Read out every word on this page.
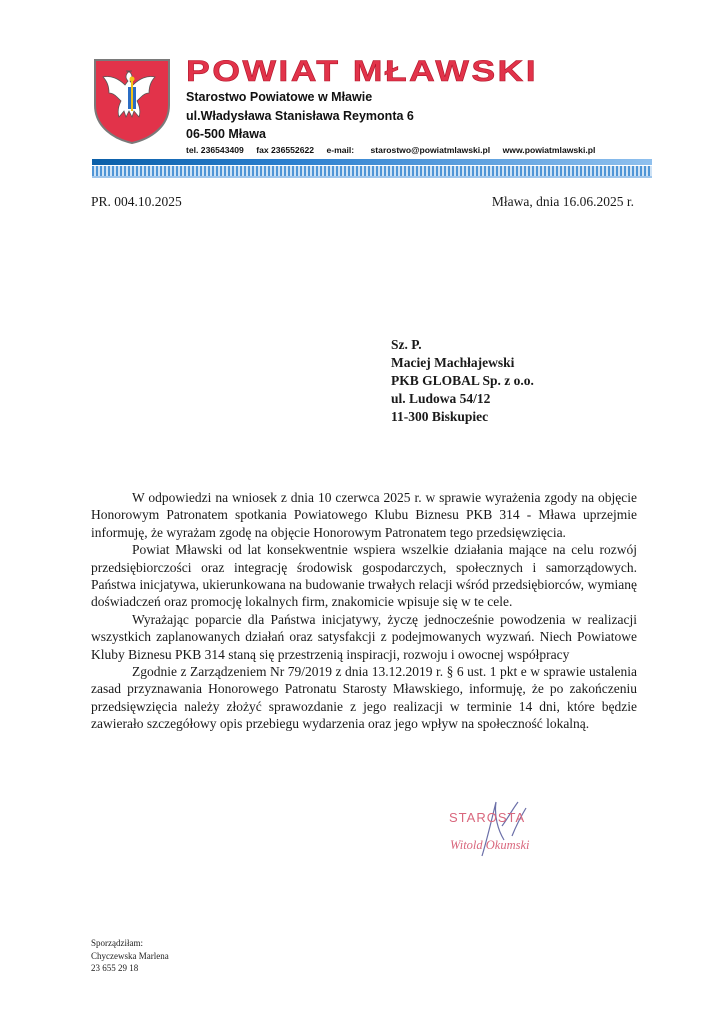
POWIAT MŁAWSKI
Starostwo Powiatowe w Mławie
ul.Władysława Stanisława Reymonta 6
06-500 Mława
tel. 236543409 fax 236552622 e-mail: starostwo@powiatmlawski.pl www.powiatmlawski.pl
PR. 004.10.2025	Mława, dnia 16.06.2025 r.
Sz. P.
Maciej Machłajewski
PKB GLOBAL Sp. z o.o.
ul. Ludowa 54/12
11-300 Biskupiec

W odpowiedzi na wniosek z dnia 10 czerwca 2025 r. w sprawie wyrażenia zgody na objęcie Honorowym Patronatem spotkania Powiatowego Klubu Biznesu PKB 314 - Mława uprzejmie informuję, że wyrażam zgodę na objęcie Honorowym Patronatem tego przedsięwzięcia.

Powiat Mławski od lat konsekwentnie wspiera wszelkie działania mające na celu rozwój przedsiębiorczości oraz integrację środowisk gospodarczych, społecznych i samorządowych. Państwa inicjatywa, ukierunkowana na budowanie trwałych relacji wśród przedsiębiorców, wymianę doświadczeń oraz promocję lokalnych firm, znakomicie wpisuje się w te cele.

Wyrażając poparcie dla Państwa inicjatywy, życzę jednocześnie powodzenia w realizacji wszystkich zaplanowanych działań oraz satysfakcji z podejmowanych wyzwań. Niech Powiatowe Kluby Biznesu PKB 314 staną się przestrzenią inspiracji, rozwoju i owocnej współpracy

Zgodnie z Zarządzeniem Nr 79/2019 z dnia 13.12.2019 r. § 6 ust. 1 pkt e w sprawie ustalenia zasad przyznawania Honorowego Patronatu Starosty Mławskiego, informuję, że po zakończeniu przedsięwzięcia należy złożyć sprawozdanie z jego realizacji w terminie 14 dni, które będzie zawierało szczegółowy opis przebiegu wydarzenia oraz jego wpływ na społeczność lokalną.

STAROSTA
Witold Okumski
Sporządziłam:
Chyczewska Marlena
23 655 29 18
